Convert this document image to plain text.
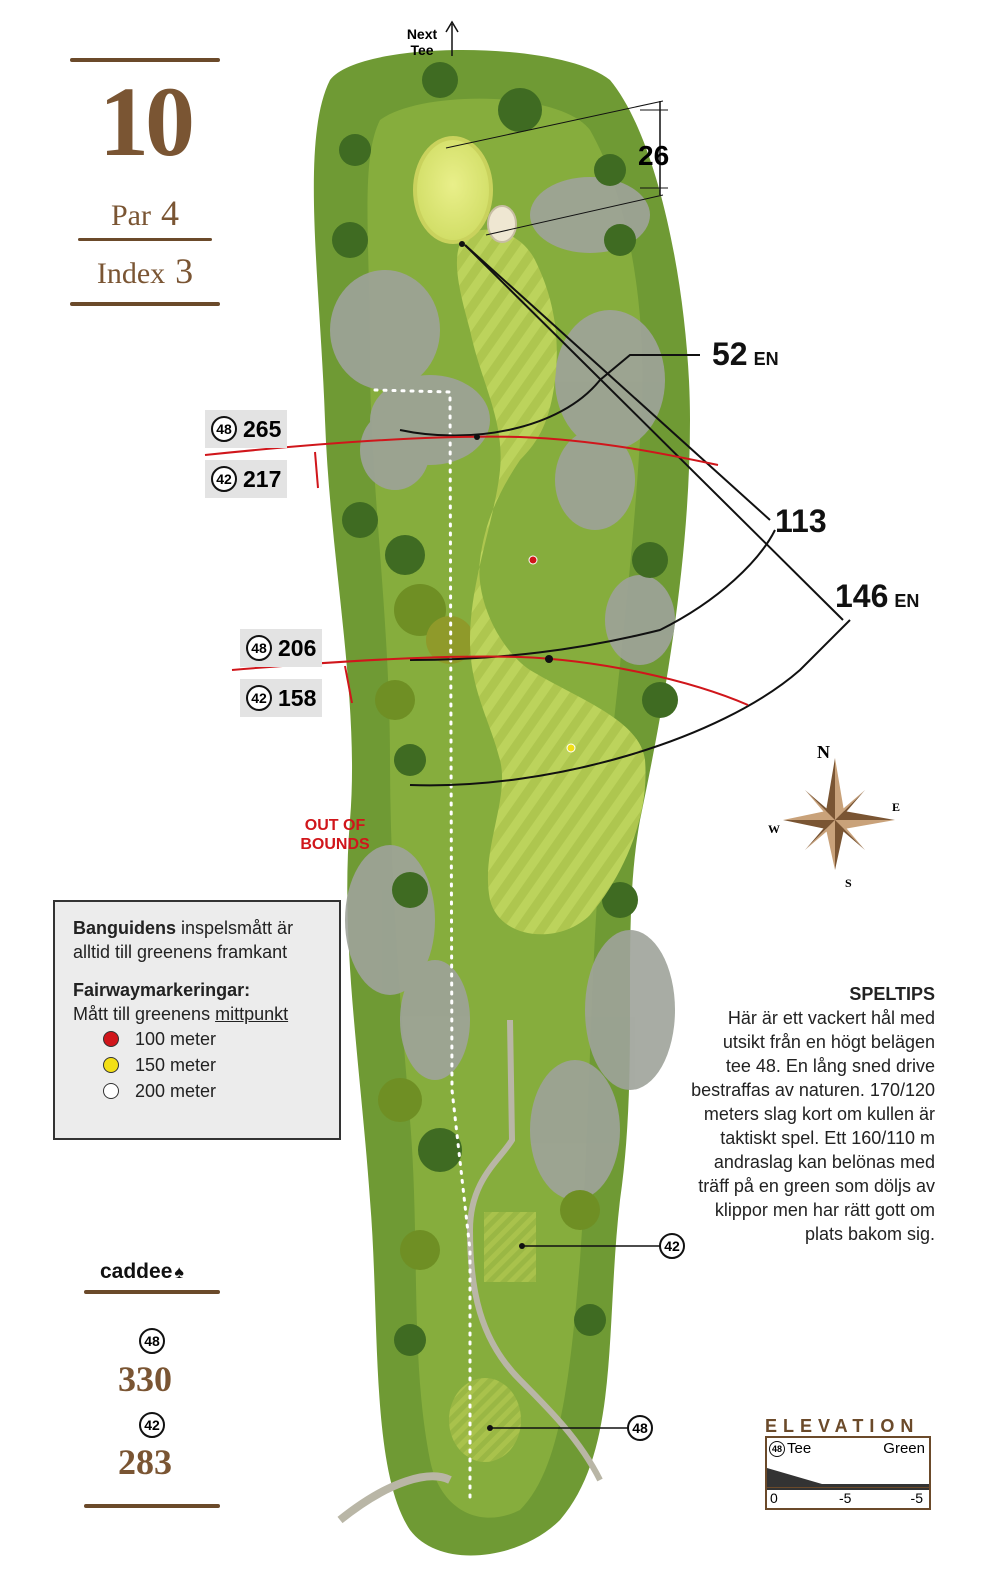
10
Par 4
Index 3
Next
Tee
26
52 EN
113
146 EN
48 265
42 217
48 206
42 158
OUT OF
BOUNDS
N
E
S
W

Banguidens inspelsmått är

alltid till greenens framkant

Fairwaymarkeringar:

Mått till greenens mittpunkt

100 meter
150 meter
200 meter
SPELTIPS
Här är ett vackert hål med
utsikt från en högt belägen
tee 48. En lång sned drive
bestraffas av naturen. 170/120
meters slag kort om kullen är
taktiskt spel. Ett 160/110 m
andraslag kan belönas med
träff på en green som döljs av
klippor men har rätt gott om
plats bakom sig.
42
48
caddee ♠
48
330
42
283
ELEVATION
48 Tee	Green
0	-5	-5
